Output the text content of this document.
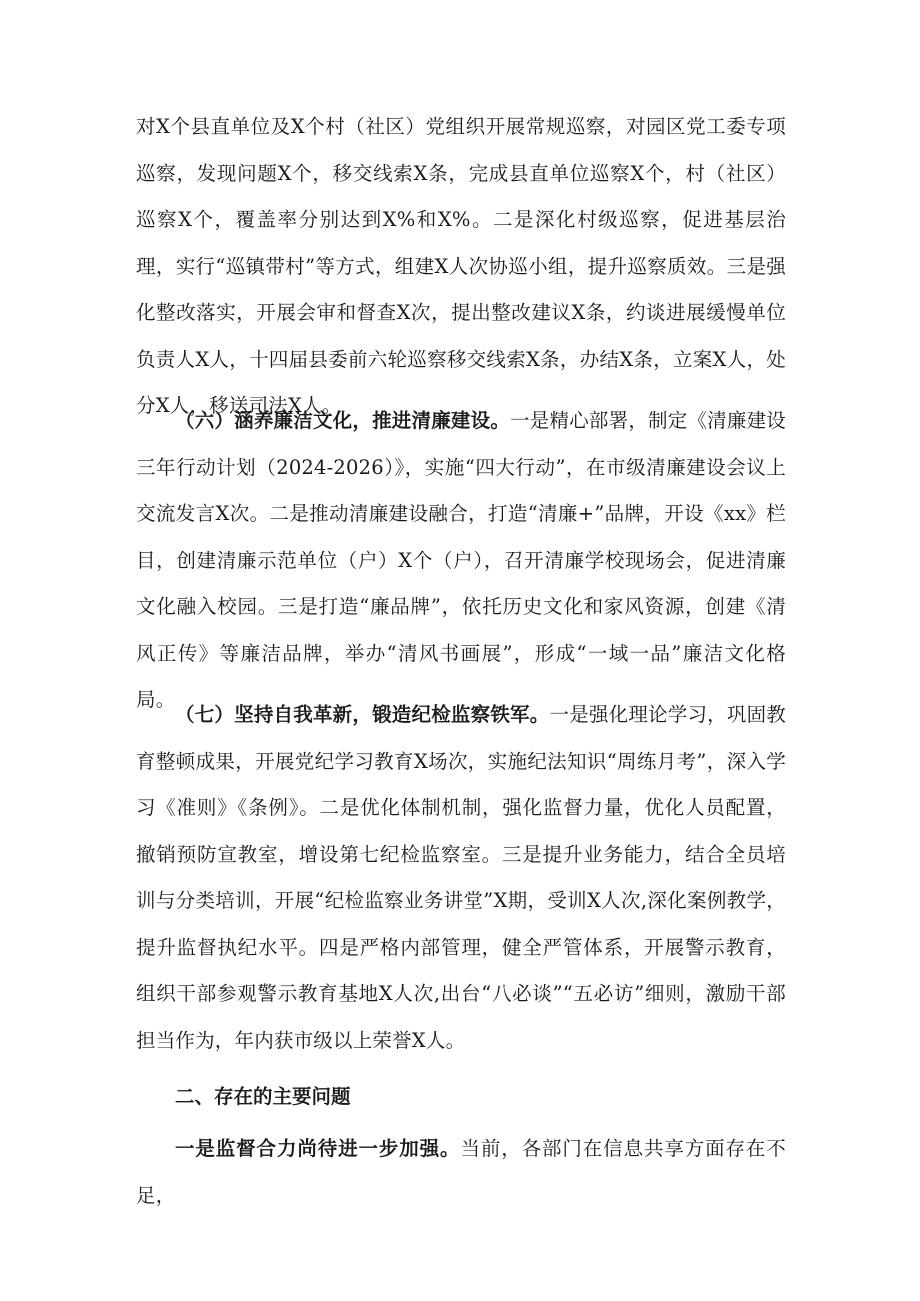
对X个县直单位及X个村（社区）党组织开展常规巡察，对园区党工委专项巡察，发现问题X个，移交线索X条，完成县直单位巡察X个，村（社区）巡察X个，覆盖率分别达到X%和X%。二是深化村级巡察，促进基层治理，实行“巡镇带村”等方式，组建X人次协巡小组，提升巡察质效。三是强化整改落实，开展会审和督查X次，提出整改建议X条，约谈进展缓慢单位负责人X人，十四届县委前六轮巡察移交线索X条，办结X条，立案X人，处分X人，移送司法X人。

（六）涵养廉洁文化，推进清廉建设。一是精心部署，制定《清廉建设三年行动计划（2024-2026）》，实施“四大行动”，在市级清廉建设会议上交流发言X次。二是推动清廉建设融合，打造“清廉+”品牌，开设《xx》栏目，创建清廉示范单位（户）X个（户），召开清廉学校现场会，促进清廉文化融入校园。三是打造“廉品牌”，依托历史文化和家风资源，创建《清风正传》等廉洁品牌，举办“清风书画展”，形成“一域一品”廉洁文化格局。

（七）坚持自我革新，锻造纪检监察铁军。一是强化理论学习，巩固教育整顿成果，开展党纪学习教育X场次，实施纪法知识“周练月考”，深入学习《准则》《条例》。二是优化体制机制，强化监督力量，优化人员配置，撤销预防宣教室，增设第七纪检监察室。三是提升业务能力，结合全员培训与分类培训，开展“纪检监察业务讲堂”X期，受训X人次,深化案例教学，提升监督执纪水平。四是严格内部管理，健全严管体系，开展警示教育，组织干部参观警示教育基地X人次,出台“八必谈”“五必访”细则，激励干部担当作为，年内获市级以上荣誉X人。

二、存在的主要问题

一是监督合力尚待进一步加强。当前，各部门在信息共享方面存在不足，
